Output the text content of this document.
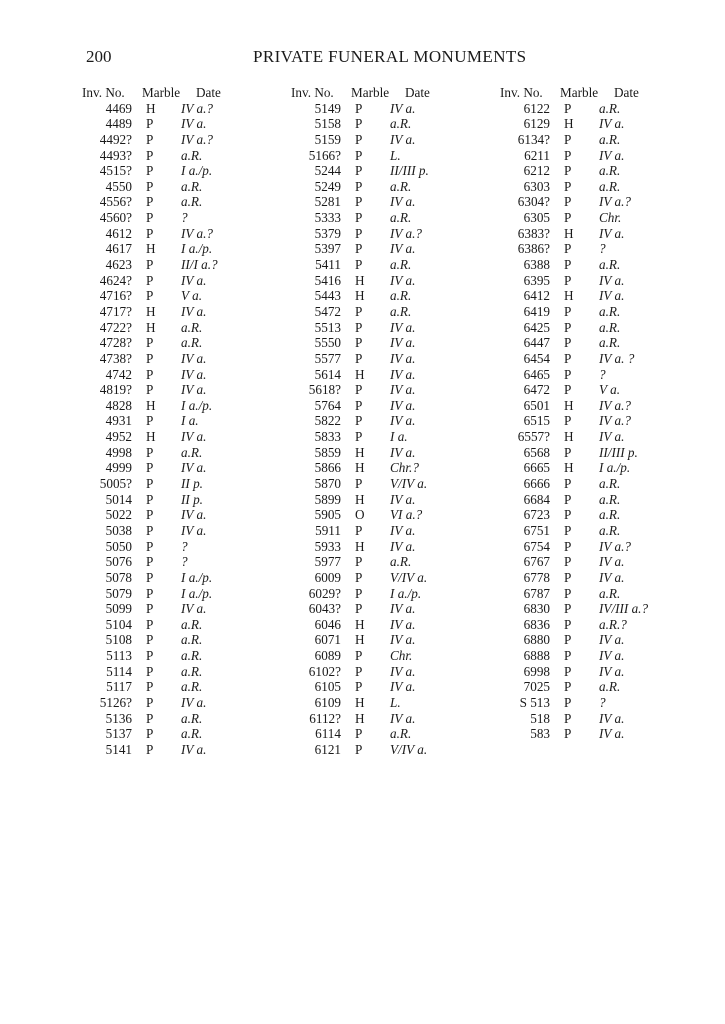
200	PRIVATE FUNERAL MONUMENTS
Inv. No. Marble Date
4469 H IV a.?
4489 P IV a.
4492? P IV a.?
4493? P a.R.
4515? P I a./p.
4550 P a.R.
4556? P a.R.
4560? P ?
4612 P IV a.?
4617 H I a./p.
4623 P II/I a.?
4624? P IV a.
4716? P V a.
4717? H IV a.
4722? H a.R.
4728? P a.R.
4738? P IV a.
4742 P IV a.
4819? P IV a.
4828 H I a./p.
4931 P I a.
4952 H IV a.
4998 P a.R.
4999 P IV a.
5005? P II p.
5014 P II p.
5022 P IV a.
5038 P IV a.
5050 P ?
5076 P ?
5078 P I a./p.
5079 P I a./p.
5099 P IV a.
5104 P a.R.
5108 P a.R.
5113 P a.R.
5114 P a.R.
5117 P a.R.
5126? P IV a.
5136 P a.R.
5137 P a.R.
5141 P IV a.
Inv. No. Marble Date
5149 P IV a.
5158 P a.R.
5159 P IV a.
5166? P L.
5244 P II/III p.
5249 P a.R.
5281 P IV a.
5333 P a.R.
5379 P IV a.?
5397 P IV a.
5411 P a.R.
5416 H IV a.
5443 H a.R.
5472 P a.R.
5513 P IV a.
5550 P IV a.
5577 P IV a.
5614 H IV a.
5618? P IV a.
5764 P IV a.
5822 P IV a.
5833 P I a.
5859 H IV a.
5866 H Chr.?
5870 P V/IV a.
5899 H IV a.
5905 O VI a.?
5911 P IV a.
5933 H IV a.
5977 P a.R.
6009 P V/IV a.
6029? P I a./p.
6043? P IV a.
6046 H IV a.
6071 H IV a.
6089 P Chr.
6102? P IV a.
6105 P IV a.
6109 H L.
6112? H IV a.
6114 P a.R.
6121 P V/IV a.
Inv. No. Marble Date
6122 P a.R.
6129 H IV a.
6134? P a.R.
6211 P IV a.
6212 P a.R.
6303 P a.R.
6304? P IV a.?
6305 P Chr.
6383? H IV a.
6386? P ?
6388 P a.R.
6395 P IV a.
6412 H IV a.
6419 P a.R.
6425 P a.R.
6447 P a.R.
6454 P IV a. ?
6465 P ?
6472 P V a.
6501 H IV a.?
6515 P IV a.?
6557? H IV a.
6568 P II/III p.
6665 H I a./p.
6666 P a.R.
6684 P a.R.
6723 P a.R.
6751 P a.R.
6754 P IV a.?
6767 P IV a.
6778 P IV a.
6787 P a.R.
6830 P IV/III a.?
6836 P a.R.?
6880 P IV a.
6888 P IV a.
6998 P IV a.
7025 P a.R.
S 513 P ?
518 P IV a.
583 P IV a.
